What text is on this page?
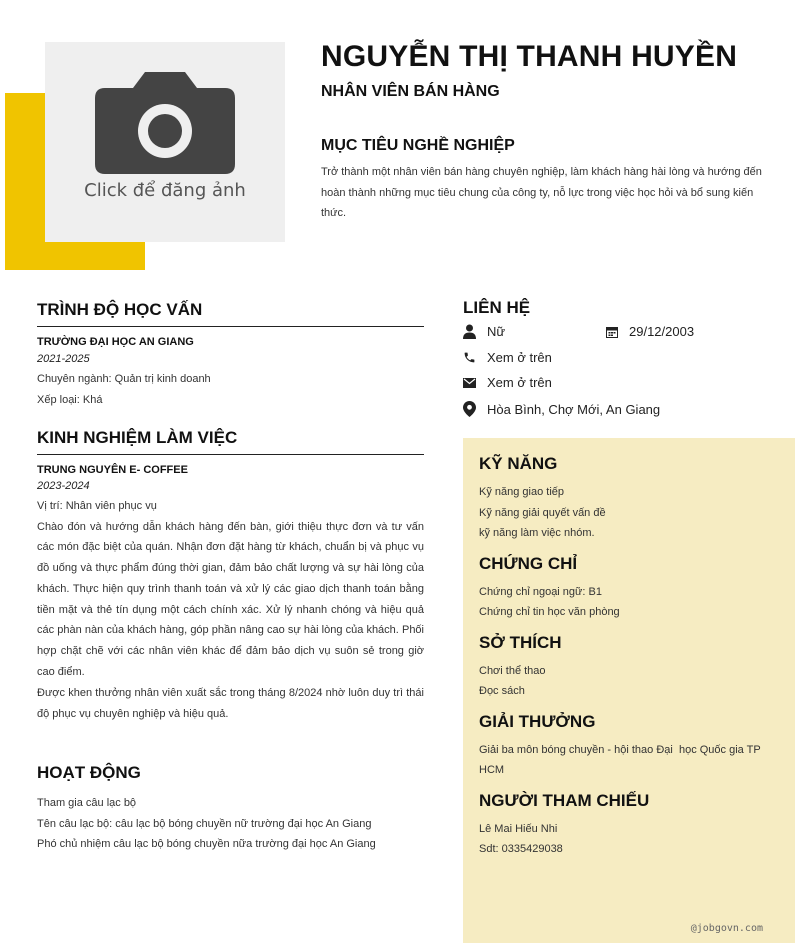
Click để đăng ảnh
NGUYỄN THỊ THANH HUYỀN
NHÂN VIÊN BÁN HÀNG
MỤC TIÊU NGHỀ NGHIỆP
Trở thành một nhân viên bán hàng chuyên nghiệp, làm khách hàng hài lòng và hướng đến hoàn thành những mục tiêu chung của công ty, nỗ lực trong việc học hỏi và bổ sung kiến thức.
TRÌNH ĐỘ HỌC VẤN
TRƯỜNG ĐẠI HỌC AN GIANG
2021-2025
Chuyên ngành: Quản trị kinh doanh
Xếp loại: Khá
KINH NGHIỆM LÀM VIỆC
TRUNG NGUYÊN E- COFFEE
2023-2024
Vị trí: Nhân viên phục vụ
Chào đón và hướng dẫn khách hàng đến bàn, giới thiệu thực đơn và tư vấn các món đặc biệt của quán. Nhận đơn đặt hàng từ khách, chuẩn bị và phục vụ đồ uống và thực phẩm đúng thời gian, đảm bảo chất lượng và sự hài lòng của khách. Thực hiện quy trình thanh toán và xử lý các giao dịch thanh toán bằng tiền mặt và thẻ tín dụng một cách chính xác. Xử lý nhanh chóng và hiệu quả các phàn nàn của khách hàng, góp phần nâng cao sự hài lòng của khách. Phối hợp chặt chẽ với các nhân viên khác để đảm bảo dịch vụ suôn sẻ trong giờ cao điểm.
Được khen thưởng nhân viên xuất sắc trong tháng 8/2024 nhờ luôn duy trì thái độ phục vụ chuyên nghiệp và hiệu quả.
HOẠT ĐỘNG
Tham gia câu lạc bộ
Tên câu lạc bộ: câu lạc bộ bóng chuyền nữ trường đại học An Giang
Phó chủ nhiệm câu lạc bộ bóng chuyền nữa trường đại học An Giang
LIÊN HỆ
Nữ	29/12/2003
Xem ở trên
Xem ở trên
Hòa Bình, Chợ Mới, An Giang
KỸ NĂNG
Kỹ năng giao tiếp
Kỹ năng giải quyết vấn đề
kỹ năng làm việc nhóm.
CHỨNG CHỈ
Chứng chỉ ngoại ngữ: B1
Chứng chỉ tin học văn phòng
SỞ THÍCH
Chơi thể thao
Đọc sách
GIẢI THƯỞNG
Giải ba môn bóng chuyền - hội thao Đại  học Quốc gia TP HCM
NGƯỜI THAM CHIẾU
Lê Mai Hiếu Nhi
Sdt: 0335429038
@jobgovn.com
